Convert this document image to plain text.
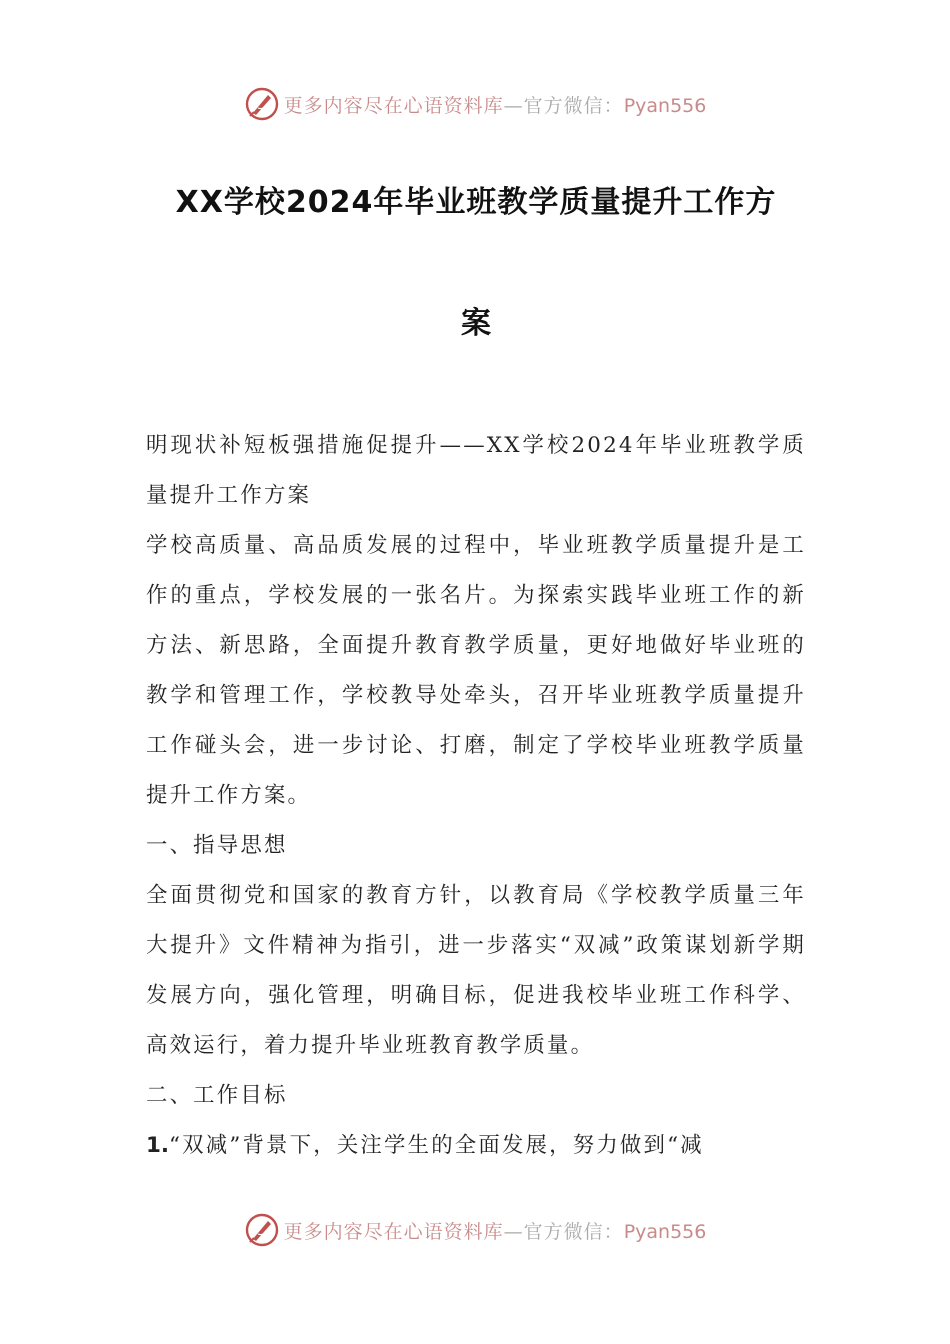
更多内容尽在心语资料库—官方微信：Pyan556
XX学校2024年毕业班教学质量提升工作方
案

明现状补短板强措施促提升——XX学校2024年毕业班教学质量提升工作方案

学校高质量、高品质发展的过程中，毕业班教学质量提升是工作的重点，学校发展的一张名片。为探索实践毕业班工作的新方法、新思路，全面提升教育教学质量，更好地做好毕业班的教学和管理工作，学校教导处牵头，召开毕业班教学质量提升工作碰头会，进一步讨论、打磨，制定了学校毕业班教学质量提升工作方案。

一、指导思想

全面贯彻党和国家的教育方针，以教育局《学校教学质量三年大提升》文件精神为指引，进一步落实“双减”政策谋划新学期发展方向，强化管理，明确目标，促进我校毕业班工作科学、高效运行，着力提升毕业班教育教学质量。

二、工作目标

1.“双减”背景下，关注学生的全面发展，努力做到“减

更多内容尽在心语资料库—官方微信：Pyan556
